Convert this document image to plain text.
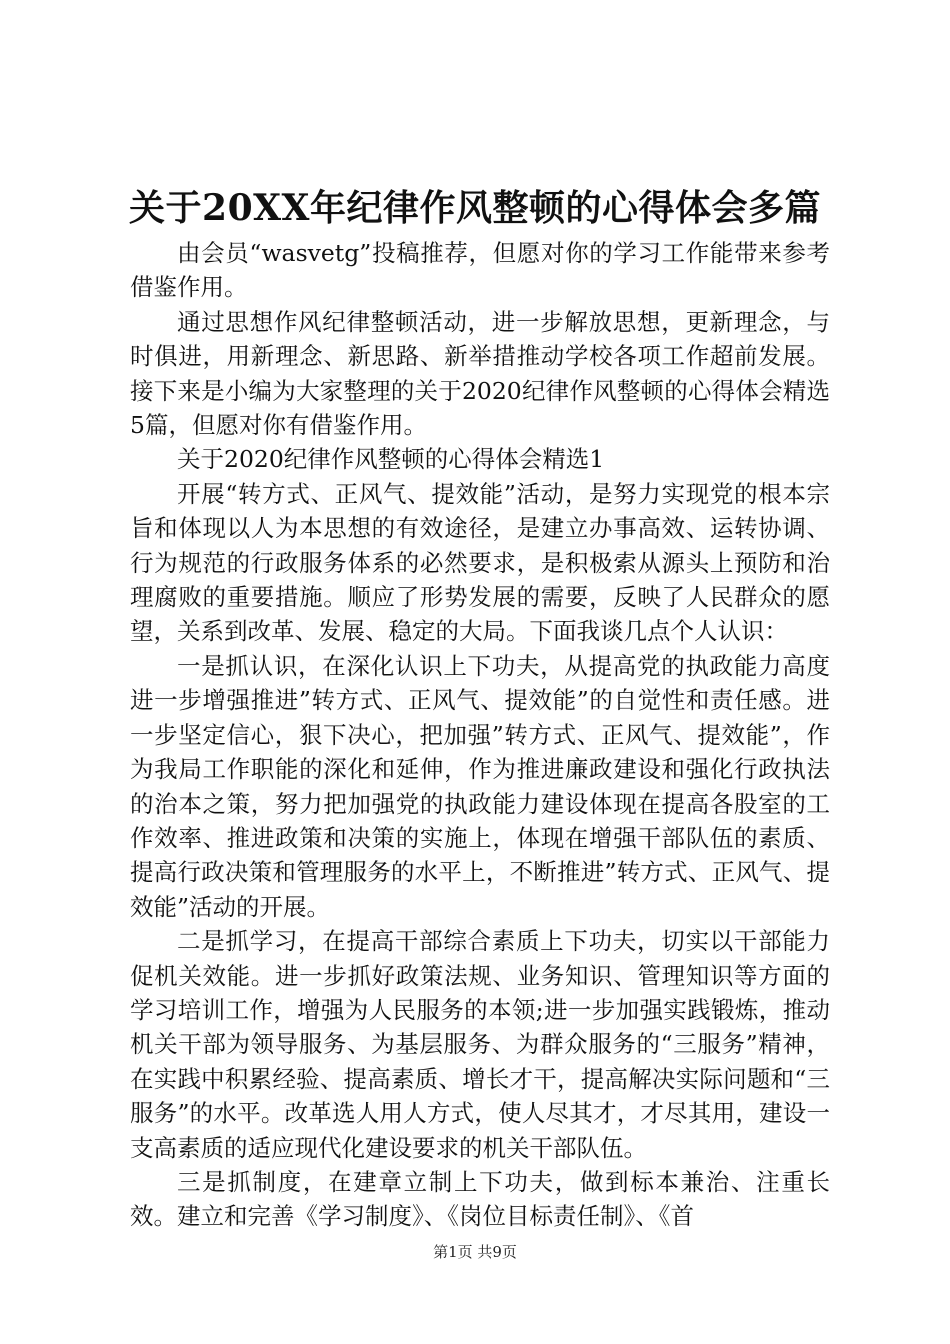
关于20XX年纪律作风整顿的心得体会多篇

由会员“wasvetg”投稿推荐，但愿对你的学习工作能带来参考借鉴作用。

通过思想作风纪律整顿活动，进一步解放思想，更新理念，与时俱进，用新理念、新思路、新举措推动学校各项工作超前发展。接下来是小编为大家整理的关于2020纪律作风整顿的心得体会精选5篇，但愿对你有借鉴作用。

关于2020纪律作风整顿的心得体会精选1

开展“转方式、正风气、提效能”活动，是努力实现党的根本宗旨和体现以人为本思想的有效途径，是建立办事高效、运转协调、行为规范的行政服务体系的必然要求，是积极索从源头上预防和治理腐败的重要措施。顺应了形势发展的需要，反映了人民群众的愿望，关系到改革、发展、稳定的大局。下面我谈几点个人认识：

一是抓认识，在深化认识上下功夫，从提高党的执政能力高度进一步增强推进”转方式、正风气、提效能”的自觉性和责任感。进一步坚定信心，狠下决心，把加强”转方式、正风气、提效能”，作为我局工作职能的深化和延伸，作为推进廉政建设和强化行政执法的治本之策，努力把加强党的执政能力建设体现在提高各股室的工作效率、推进政策和决策的实施上，体现在增强干部队伍的素质、提高行政决策和管理服务的水平上，不断推进”转方式、正风气、提效能”活动的开展。

二是抓学习，在提高干部综合素质上下功夫，切实以干部能力促机关效能。进一步抓好政策法规、业务知识、管理知识等方面的学习培训工作，增强为人民服务的本领;进一步加强实践锻炼，推动机关干部为领导服务、为基层服务、为群众服务的“三服务”精神，在实践中积累经验、提高素质、增长才干，提高解决实际问题和“三服务”的水平。改革选人用人方式，使人尽其才，才尽其用，建设一支高素质的适应现代化建设要求的机关干部队伍。

三是抓制度，在建章立制上下功夫，做到标本兼治、注重长效。建立和完善《学习制度》、《岗位目标责任制》、《首

第1页 共9页
